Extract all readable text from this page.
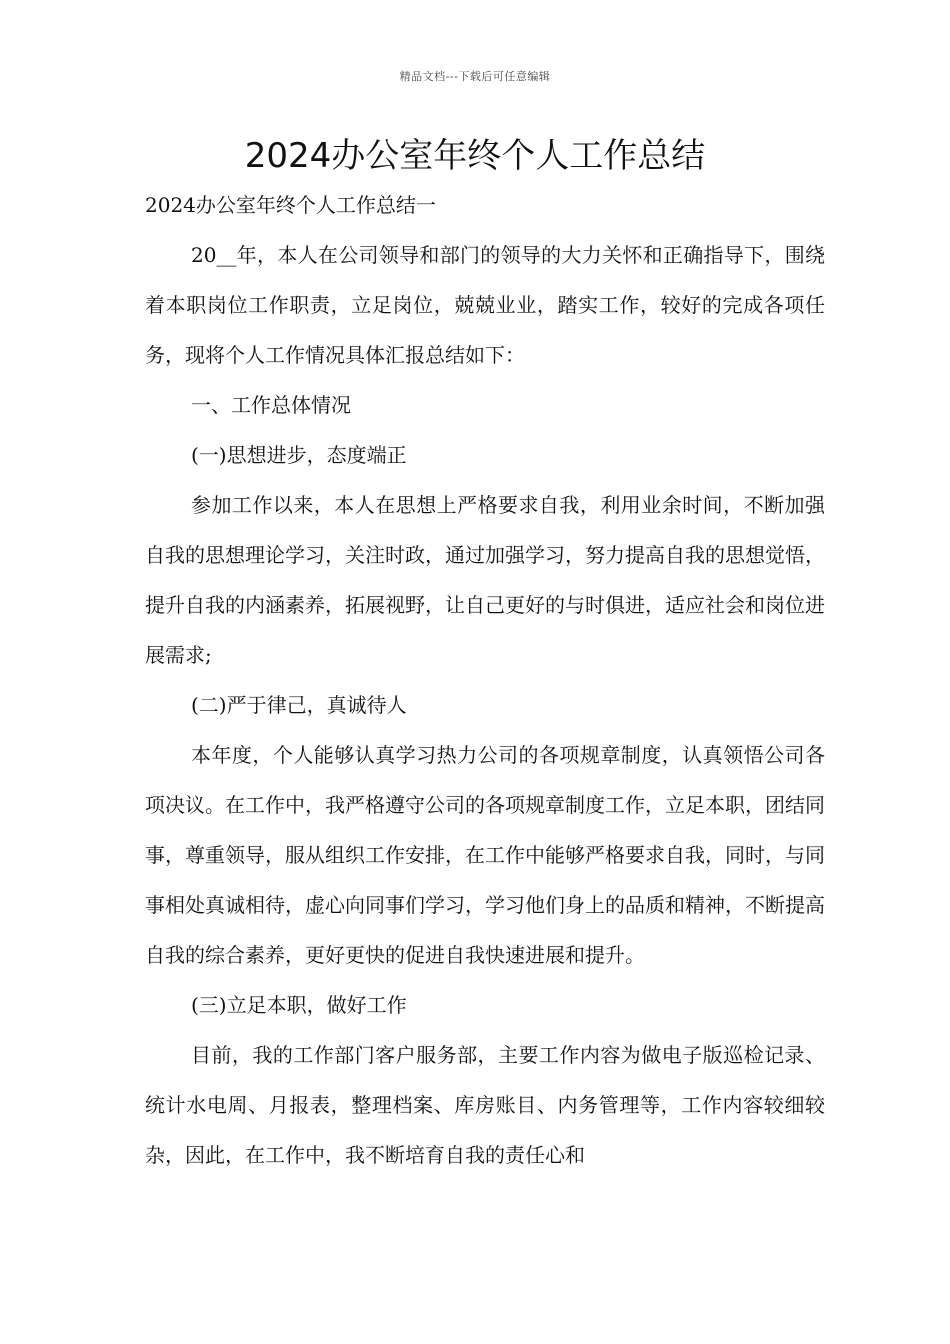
精品文档---下载后可任意编辑
2024办公室年终个人工作总结

2024办公室年终个人工作总结一

20__年，本人在公司领导和部门的领导的大力关怀和正确指导下，围绕着本职岗位工作职责，立足岗位，兢兢业业，踏实工作，较好的完成各项任务，现将个人工作情况具体汇报总结如下：

一、工作总体情况

(一)思想进步，态度端正

参加工作以来，本人在思想上严格要求自我，利用业余时间，不断加强自我的思想理论学习，关注时政，通过加强学习，努力提高自我的思想觉悟，提升自我的内涵素养，拓展视野，让自己更好的与时俱进，适应社会和岗位进展需求;

(二)严于律己，真诚待人

本年度，个人能够认真学习热力公司的各项规章制度，认真领悟公司各项决议。在工作中，我严格遵守公司的各项规章制度工作，立足本职，团结同事，尊重领导，服从组织工作安排，在工作中能够严格要求自我，同时，与同事相处真诚相待，虚心向同事们学习，学习他们身上的品质和精神，不断提高自我的综合素养，更好更快的促进自我快速进展和提升。

(三)立足本职，做好工作

目前，我的工作部门客户服务部，主要工作内容为做电子版巡检记录、统计水电周、月报表，整理档案、库房账目、内务管理等，工作内容较细较杂，因此，在工作中，我不断培育自我的责任心和
